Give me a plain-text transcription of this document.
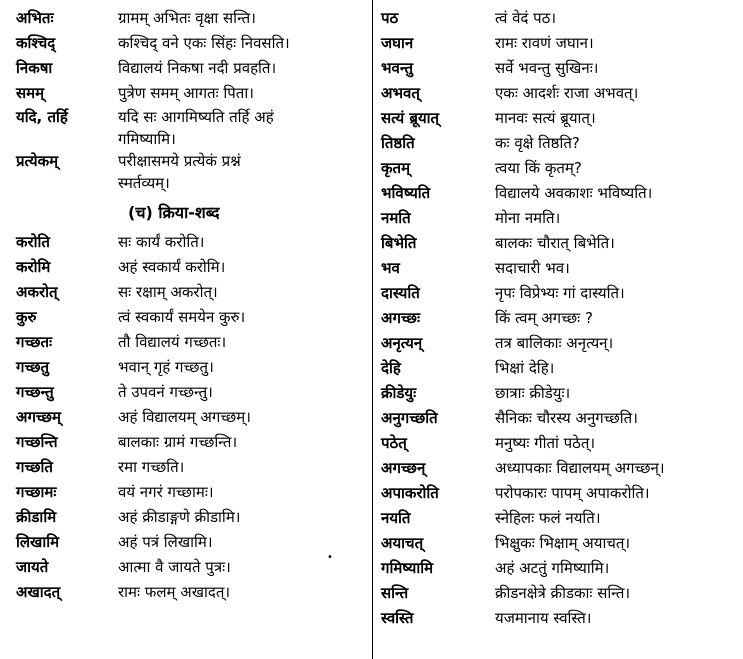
अभितः	ग्रामम् अभितः वृक्षा सन्ति।
कश्चिद्	कश्चिद् वने एकः सिंहः निवसति।
निकषा	विद्यालयं निकषा नदी प्रवहति।
समम्	पुत्रेण समम् आगतः पिता।
यदि, तर्हि	यदि सः आगमिष्यति तर्हि अहं
गमिष्यामि।
प्रत्येकम्	परीक्षासमये प्रत्येकं प्रश्नं
स्मर्तव्यम्।
(च) क्रिया-शब्द
करोति	सः कार्यं करोति।
करोमि	अहं स्वकार्यं करोमि।
अकरोत्	सः रक्षाम् अकरोत्।
कुरु	त्वं स्वकार्यं समयेन कुरु।
गच्छतः	तौ विद्यालयं गच्छतः।
गच्छतु	भवान् गृहं गच्छतु।
गच्छन्तु	ते उपवनं गच्छन्तु।
अगच्छम्	अहं विद्यालयम् अगच्छम्।
गच्छन्ति	बालकाः ग्रामं गच्छन्ति।
गच्छति	रमा गच्छति।
गच्छामः	वयं नगरं गच्छामः।
क्रीडामि	अहं क्रीडाङ्गणे क्रीडामि।
लिखामि	अहं पत्रं लिखामि।
जायते	आत्मा वै जायते पुत्रः।
अखादत्	रामः फलम् अखादत्।
पठ	त्वं वेदं पठ।
जघान	रामः रावणं जघान।
भवन्तु	सर्वे भवन्तु सुखिनः।
अभवत्	एकः आदर्शः राजा अभवत्।
सत्यं ब्रूयात्	मानवः सत्यं ब्रूयात्।
तिष्ठति	कः वृक्षे तिष्ठति?
कृतम्	त्वया किं कृतम्?
भविष्यति	विद्यालये अवकाशः भविष्यति।
नमति	मोना नमति।
बिभेति	बालकः चौरात् बिभेति।
भव	सदाचारी भव।
दास्यति	नृपः विप्रेभ्यः गां दास्यति।
अगच्छः	किं त्वम् अगच्छः ?
अनृत्यन्	तत्र बालिकाः अनृत्यन्।
देहि	भिक्षां देहि।
क्रीडेयुः	छात्राः क्रीडेयुः।
अनुगच्छति	सैनिकः चौरस्य अनुगच्छति।
पठेत्	मनुष्यः गीतां पठेत्।
अगच्छन्	अध्यापकाः विद्यालयम् अगच्छन्।
अपाकरोति	परोपकारः पापम् अपाकरोति।
नयति	स्नेहिलः फलं नयति।
अयाचत्	भिक्षुकः भिक्षाम् अयाचत्।
गमिष्यामि	अहं अटतुं गमिष्यामि।
सन्ति	क्रीडनक्षेत्रे क्रीडकाः सन्ति।
स्वस्ति	यजमानाय स्वस्ति।
•
